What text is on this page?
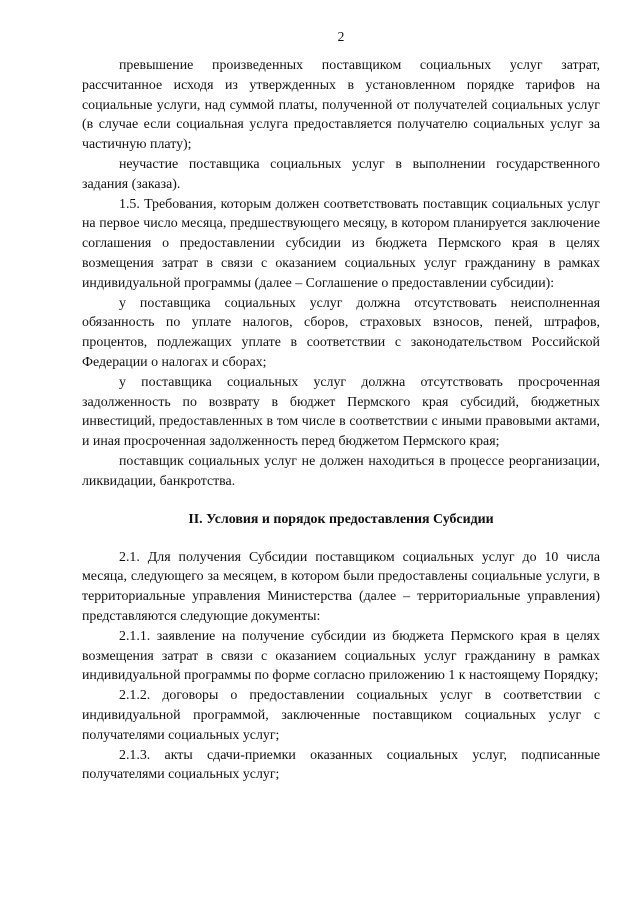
2

превышение произведенных поставщиком социальных услуг затрат, рассчитанное исходя из утвержденных в установленном порядке тарифов на социальные услуги, над суммой платы, полученной от получателей социальных услуг (в случае если социальная услуга предоставляется получателю социальных услуг за частичную плату);

неучастие поставщика социальных услуг в выполнении государственного задания (заказа).

1.5. Требования, которым должен соответствовать поставщик социальных услуг на первое число месяца, предшествующего месяцу, в котором планируется заключение соглашения о предоставлении субсидии из бюджета Пермского края в целях возмещения затрат в связи с оказанием социальных услуг гражданину в рамках индивидуальной программы (далее – Соглашение о предоставлении субсидии):

у поставщика социальных услуг должна отсутствовать неисполненная обязанность по уплате налогов, сборов, страховых взносов, пеней, штрафов, процентов, подлежащих уплате в соответствии с законодательством Российской Федерации о налогах и сборах;

у поставщика социальных услуг должна отсутствовать просроченная задолженность по возврату в бюджет Пермского края субсидий, бюджетных инвестиций, предоставленных в том числе в соответствии с иными правовыми актами, и иная просроченная задолженность перед бюджетом Пермского края;

поставщик социальных услуг не должен находиться в процессе реорганизации, ликвидации, банкротства.

II. Условия и порядок предоставления Субсидии

2.1. Для получения Субсидии поставщиком социальных услуг до 10 числа месяца, следующего за месяцем, в котором были предоставлены социальные услуги, в территориальные управления Министерства (далее – территориальные управления) представляются следующие документы:

2.1.1. заявление на получение субсидии из бюджета Пермского края в целях возмещения затрат в связи с оказанием социальных услуг гражданину в рамках индивидуальной программы по форме согласно приложению 1 к настоящему Порядку;

2.1.2. договоры о предоставлении социальных услуг в соответствии с индивидуальной программой, заключенные поставщиком социальных услуг с получателями социальных услуг;

2.1.3. акты сдачи-приемки оказанных социальных услуг, подписанные получателями социальных услуг;
